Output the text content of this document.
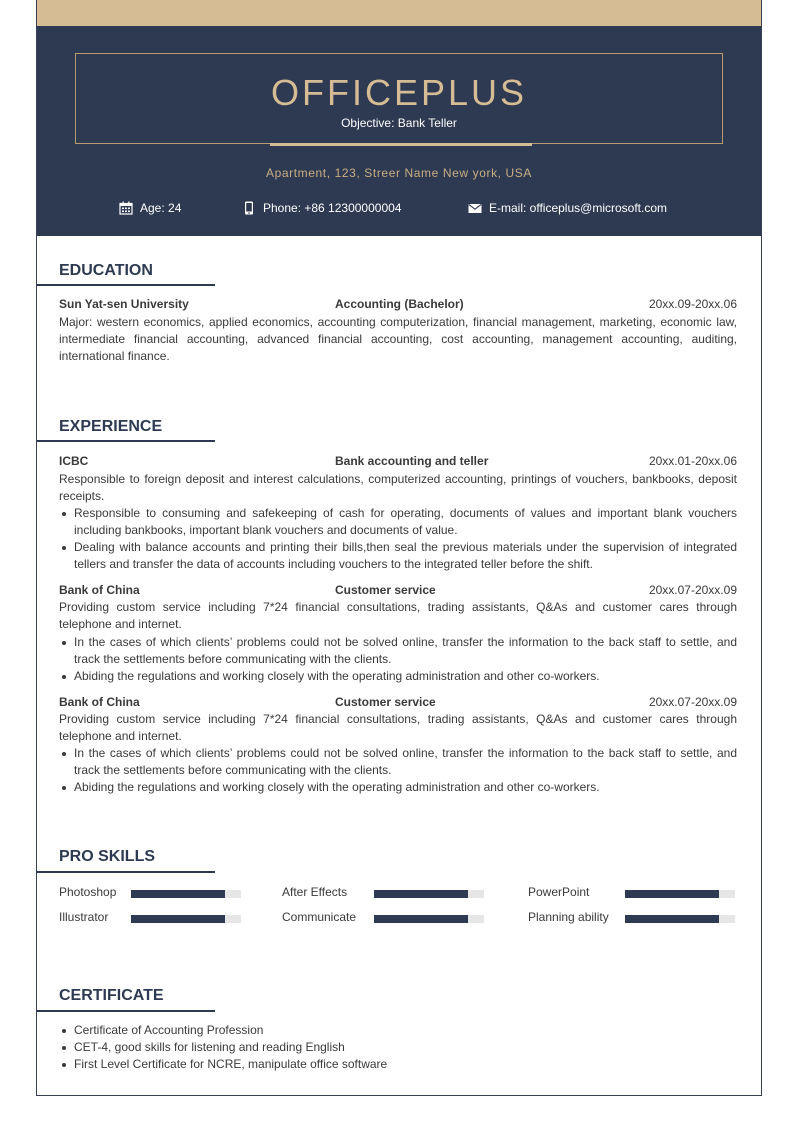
OFFICEPLUS
Objective: Bank Teller
Apartment, 123, Streer Name New york, USA
Age: 24	Phone: +86 12300000004	E-mail: officeplus@microsoft.com
EDUCATION
Sun Yat-sen University	Accounting (Bachelor)	20xx.09-20xx.06

Major: western economics, applied economics, accounting computerization, financial management, marketing, economic law, intermediate financial accounting, advanced financial accounting, cost accounting, management accounting, auditing, international finance.

EXPERIENCE
ICBC	Bank accounting and teller	20xx.01-20xx.06

Responsible to foreign deposit and interest calculations, computerized accounting, printings of vouchers, bankbooks, deposit receipts.

Responsible to consuming and safekeeping of cash for operating, documents of values and important blank vouchers including bankbooks, important blank vouchers and documents of value.
Dealing with balance accounts and printing their bills,then seal the previous materials under the supervision of integrated tellers and transfer the data of accounts including vouchers to the integrated teller before the shift.
Bank of China	Customer service	20xx.07-20xx.09

Providing custom service including 7*24 financial consultations, trading assistants, Q&As and customer cares through telephone and internet.

In the cases of which clients’ problems could not be solved online, transfer the information to the back staff to settle, and track the settlements before communicating with the clients.
Abiding the regulations and working closely with the operating administration and other co-workers.
Bank of China	Customer service	20xx.07-20xx.09

Providing custom service including 7*24 financial consultations, trading assistants, Q&As and customer cares through telephone and internet.

In the cases of which clients’ problems could not be solved online, transfer the information to the back staff to settle, and track the settlements before communicating with the clients.
Abiding the regulations and working closely with the operating administration and other co-workers.
PRO SKILLS
Photoshop	After Effects	PowerPoint
Illustrator	Communicate	Planning ability
CERTIFICATE
Certificate of Accounting Profession
CET-4, good skills for listening and reading English
First Level Certificate for NCRE, manipulate office software
